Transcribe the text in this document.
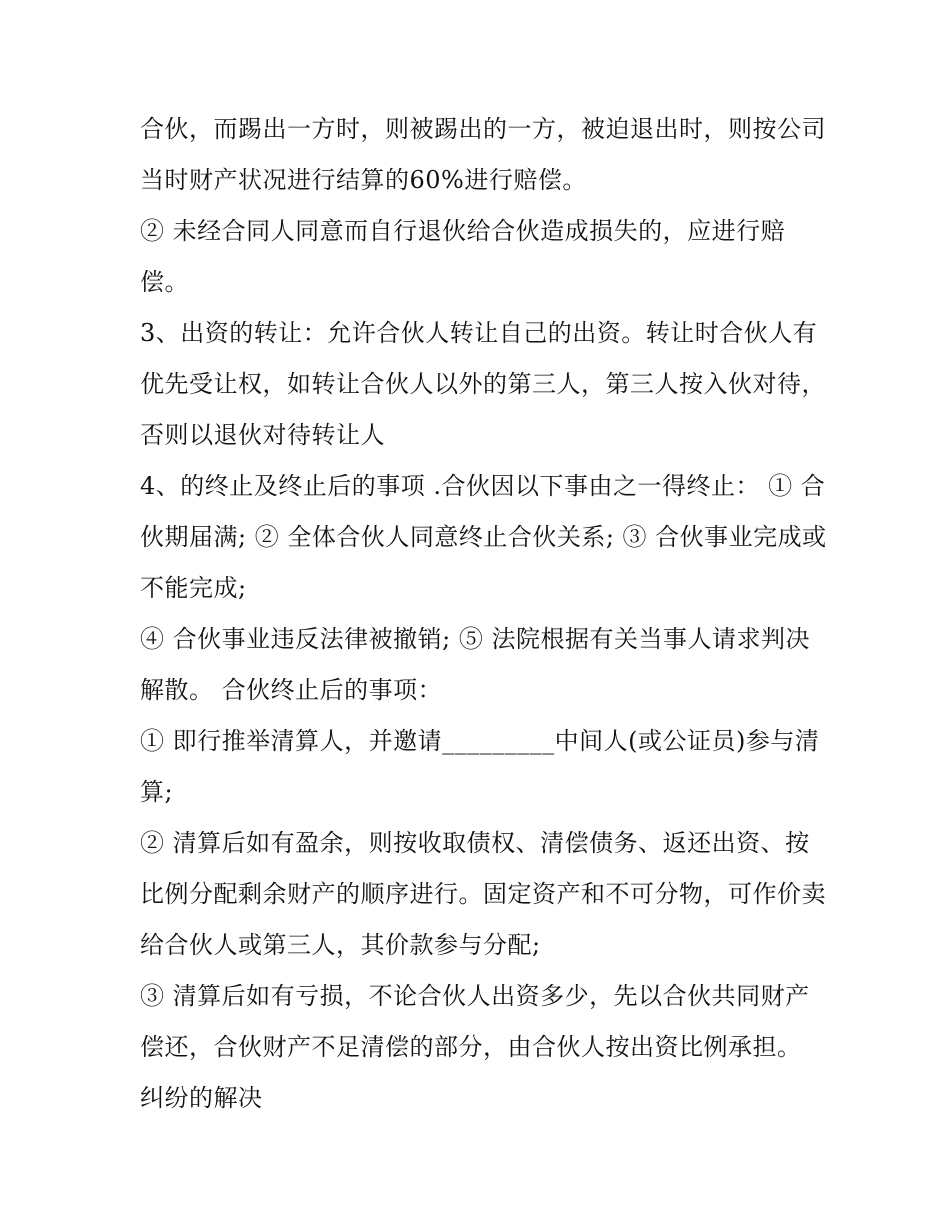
合伙，而踢出一方时，则被踢出的一方，被迫退出时，则按公司当时财产状况进行结算的60%进行赔偿。

② 未经合同人同意而自行退伙给合伙造成损失的，应进行赔偿。

3、出资的转让：允许合伙人转让自己的出资。转让时合伙人有优先受让权，如转让合伙人以外的第三人，第三人按入伙对待，否则以退伙对待转让人

4、的终止及终止后的事项 .合伙因以下事由之一得终止： ① 合伙期届满; ② 全体合伙人同意终止合伙关系; ③ 合伙事业完成或不能完成;

④ 合伙事业违反法律被撤销; ⑤ 法院根据有关当事人请求判决解散。 合伙终止后的事项：

① 即行推举清算人，并邀请_________中间人(或公证员)参与清算;

② 清算后如有盈余，则按收取债权、清偿债务、返还出资、按比例分配剩余财产的顺序进行。固定资产和不可分物，可作价卖给合伙人或第三人，其价款参与分配;

③ 清算后如有亏损，不论合伙人出资多少，先以合伙共同财产偿还，合伙财产不足清偿的部分，由合伙人按出资比例承担。 纠纷的解决
